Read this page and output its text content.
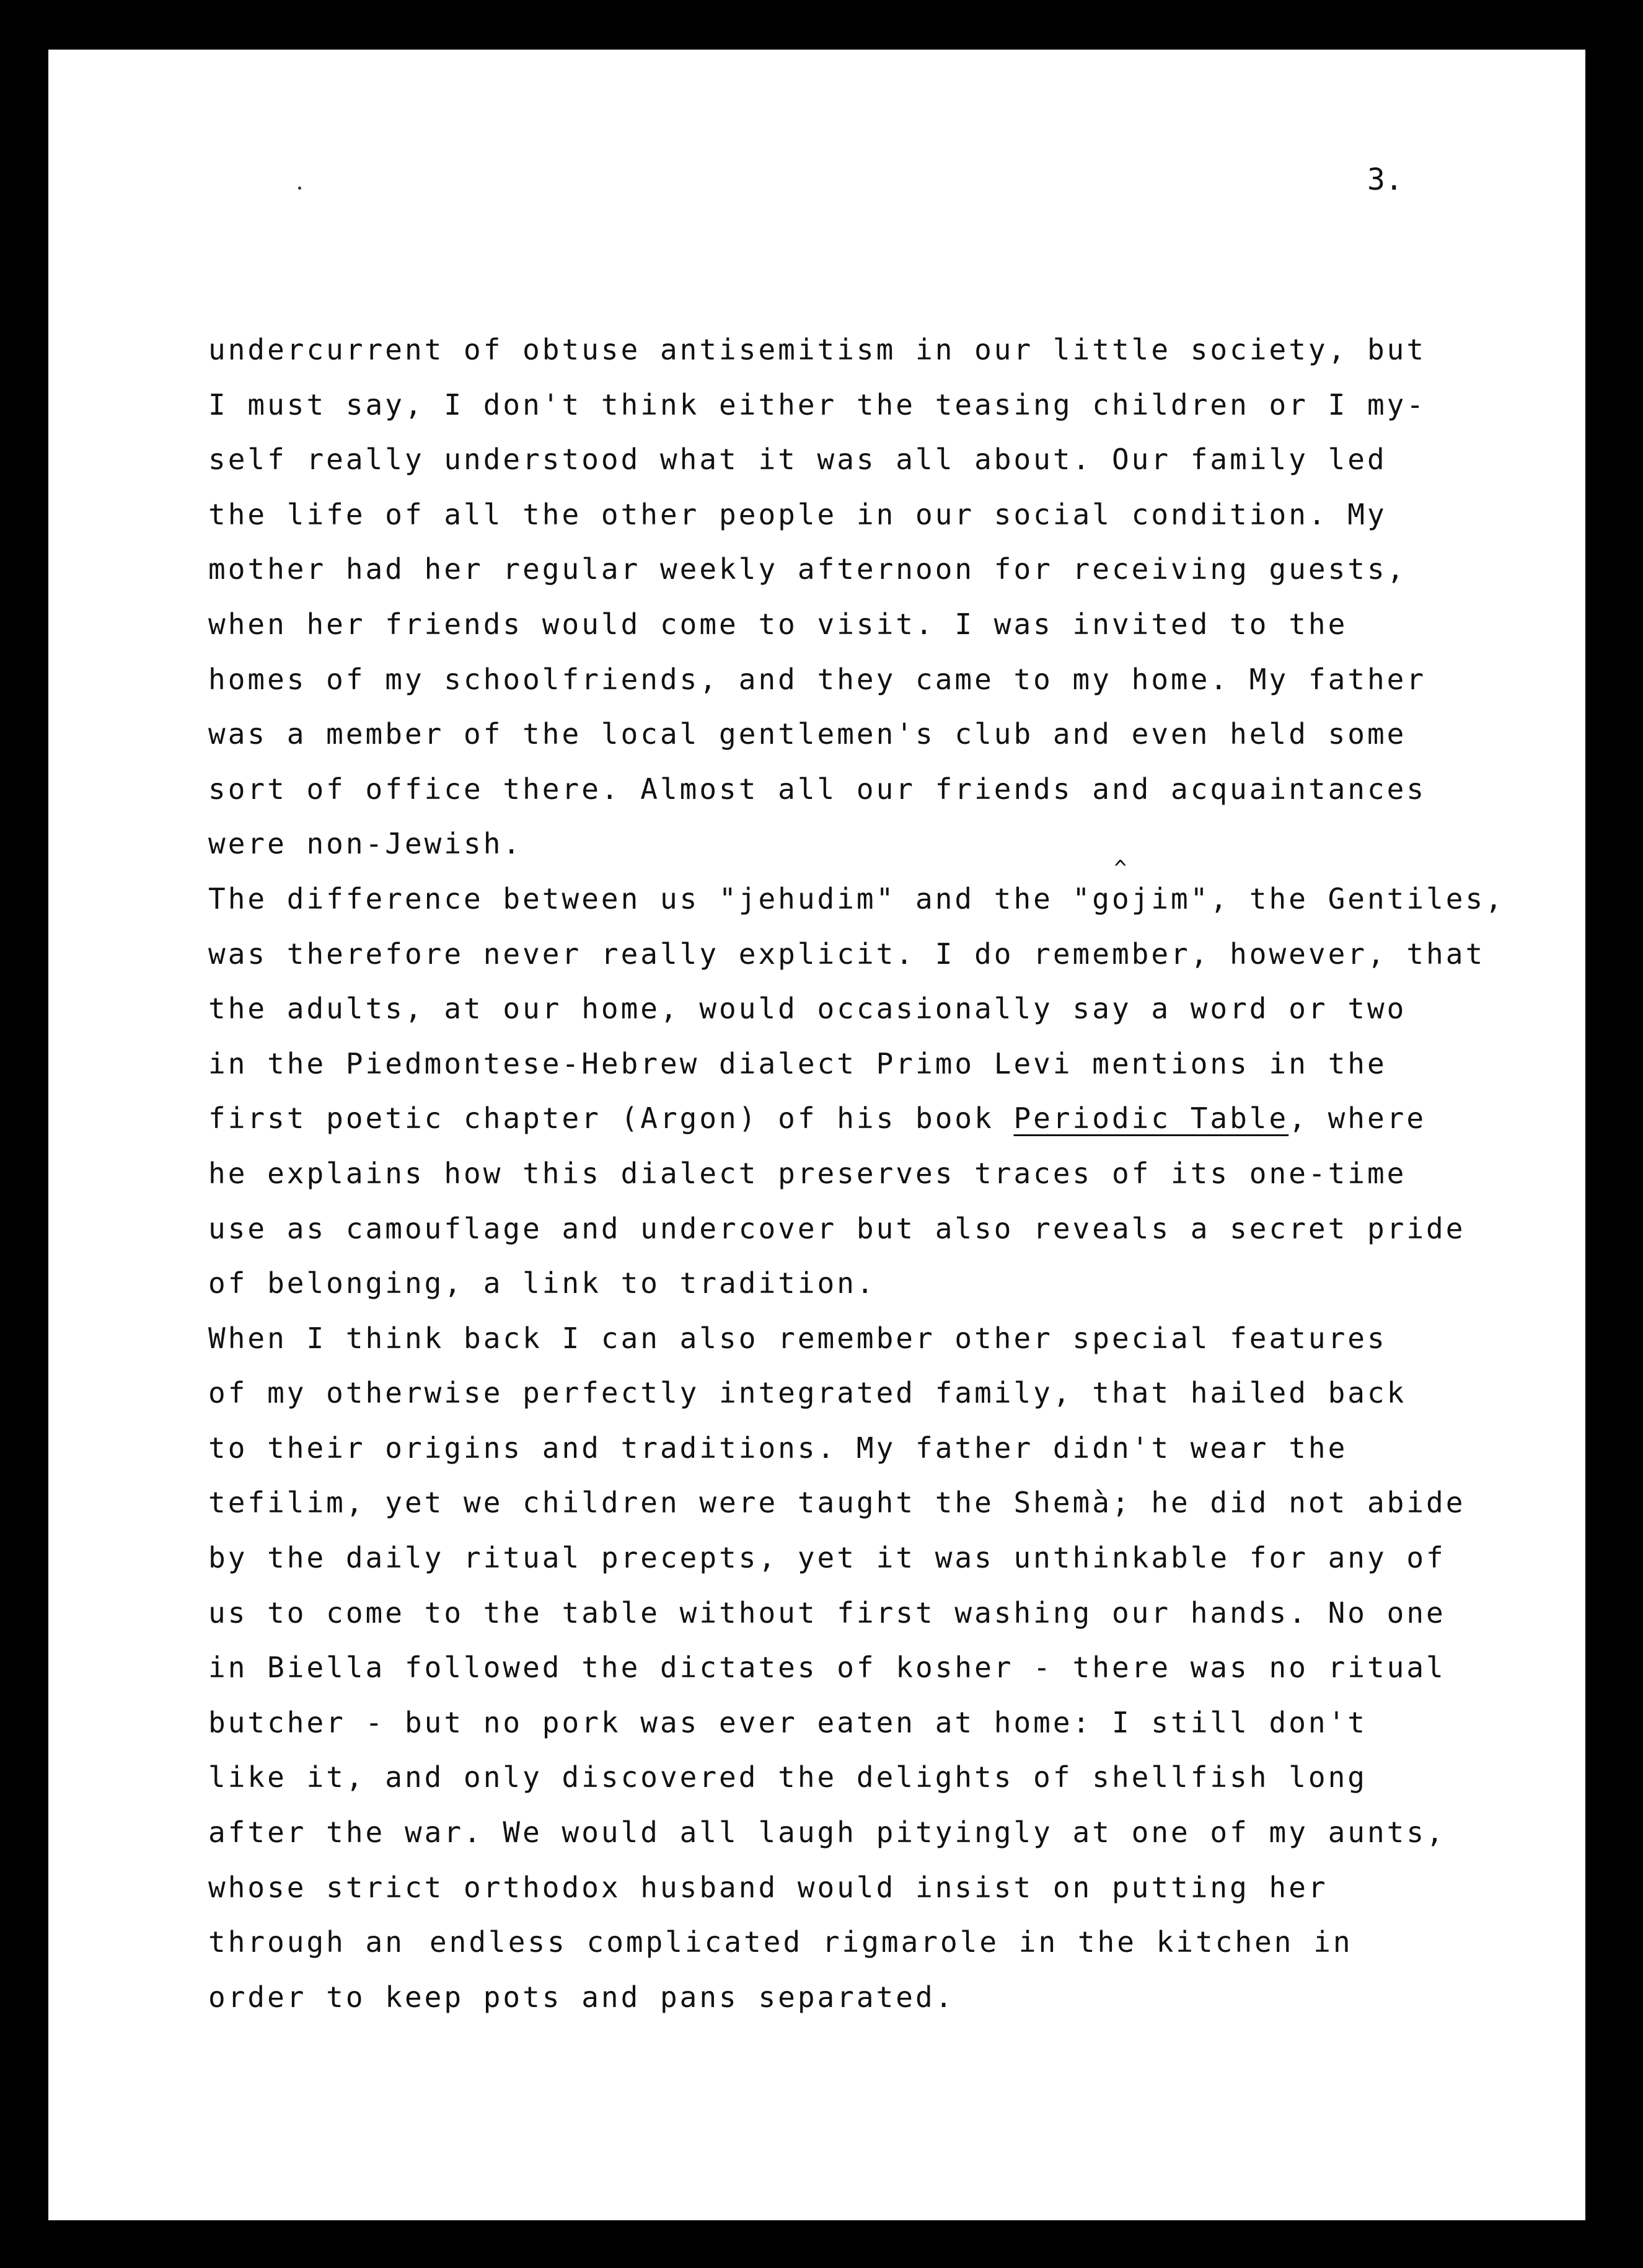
3.

undercurrent of obtuse antisemitism in our little society, but
I must say, I don't think either the teasing children or I my-
self really understood what it was all about. Our family led
the life of all the other people in our social condition. My
mother had her regular weekly afternoon for receiving guests,
when her friends would come to visit. I was invited to the
homes of my schoolfriends, and they came to my home. My father
was a member of the local gentlemen's club and even held some
sort of office there. Almost all our friends and acquaintances
were non-Jewish.
The difference between us "jehudim" and the "g^ ojim", the Gentiles,
was therefore never really explicit. I do remember, however, that
the adults, at our home, would occasionally say a word or two
in the Piedmontese-Hebrew dialect Primo Levi mentions in the
first poetic chapter (Argon) of his book Periodic Table, where
he explains how this dialect preserves traces of its one-time
use as camouflage and undercover but also reveals a secret pride
of belonging, a link to tradition.
When I think back I can also remember other special features
of my otherwise perfectly integrated family, that hailed back
to their origins and traditions. My father didn't wear the
tefilim, yet we children were taught the Shemà; he did not abide
by the daily ritual precepts, yet it was unthinkable for any of
us to come to the table without first washing our hands. No one
in Biella followed the dictates of kosher - there was no ritual
butcher - but no pork was ever eaten at home: I still don't
like it, and only discovered the delights of shellfish long
after the war. We would all laugh pityingly at one of my aunts,
whose strict orthodox husband would insist on putting her
through an endless complicated rigmarole in the kitchen in
order to keep pots and pans separated.
